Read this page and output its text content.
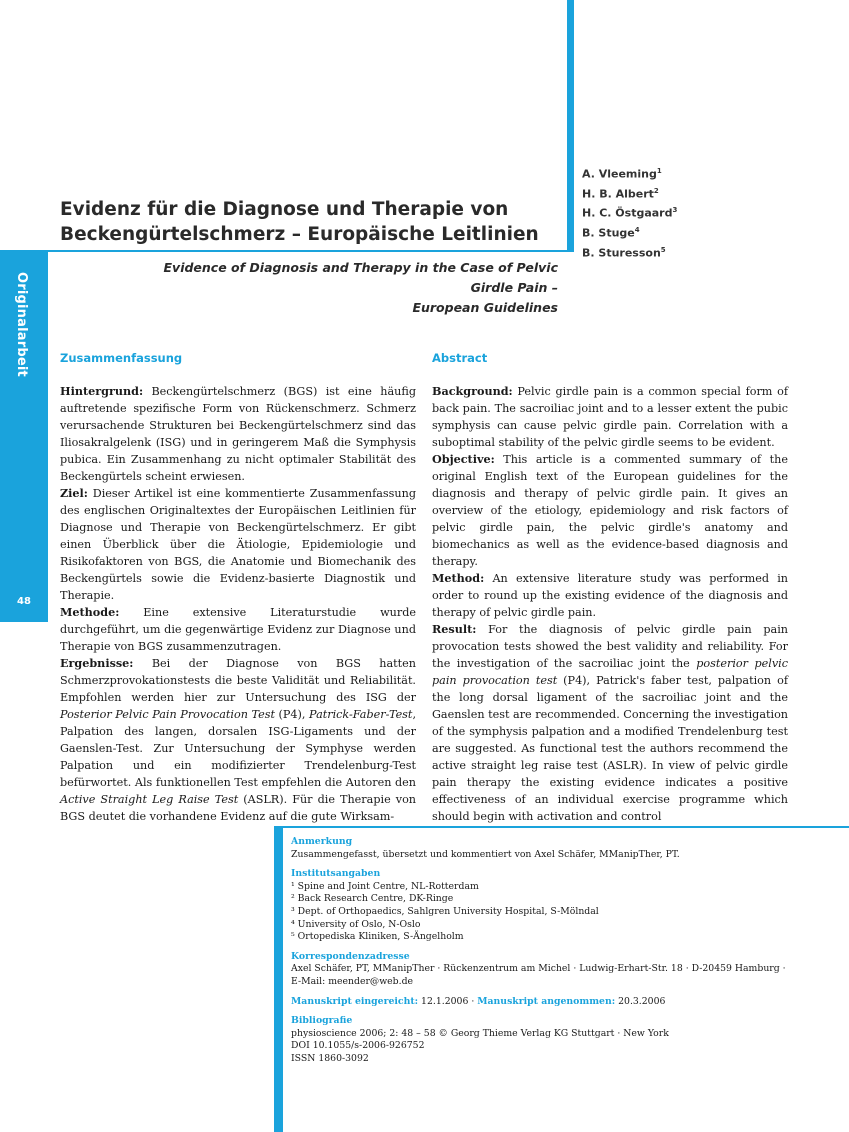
Originalarbeit
48
Evidenz für die Diagnose und Therapie von
Beckengürtelschmerz – Europäische Leitlinien
Evidence of Diagnosis and Therapy in the Case of Pelvic Girdle Pain –
European Guidelines
A. Vleeming$^1$
H. B. Albert$^2$
H. C. Östgaard$^3$
B. Stuge$^4$
B. Sturesson$^5$
Zusammenfassung

Hintergrund: Beckengürtelschmerz (BGS) ist eine häufig auftretende spezifische Form von Rückenschmerz. Schmerz verursachende Strukturen bei Beckengürtelschmerz sind das Iliosakralgelenk (ISG) und in geringerem Maß die Symphysis pubica. Ein Zusammenhang zu nicht optimaler Stabilität des Beckengürtels scheint erwiesen.

Ziel: Dieser Artikel ist eine kommentierte Zusammenfassung des englischen Originaltextes der Europäischen Leitlinien für Diagnose und Therapie von Beckengürtelschmerz. Er gibt einen Überblick über die Ätiologie, Epidemiologie und Risikofaktoren von BGS, die Anatomie und Biomechanik des Beckengürtels sowie die Evidenz-basierte Diagnostik und Therapie.

Methode: Eine extensive Literaturstudie wurde durchgeführt, um die gegenwärtige Evidenz zur Diagnose und Therapie von BGS zusammenzutragen.

Ergebnisse: Bei der Diagnose von BGS hatten Schmerzprovokationstests die beste Validität und Reliabilität. Empfohlen werden hier zur Untersuchung des ISG der Posterior Pelvic Pain Provocation Test (P4), Patrick-Faber-Test, Palpation des langen, dorsalen ISG-Ligaments und der Gaenslen-Test. Zur Untersuchung der Symphyse werden Palpation und ein modifizierter Trendelenburg-Test befürwortet. Als funktionellen Test empfehlen die Autoren den Active Straight Leg Raise Test (ASLR). Für die Therapie von BGS deutet die vorhandene Evidenz auf die gute Wirksam-

Abstract

Background: Pelvic girdle pain is a common special form of back pain. The sacroiliac joint and to a lesser extent the pubic symphysis can cause pelvic girdle pain. Correlation with a suboptimal stability of the pelvic girdle seems to be evident.

Objective: This article is a commented summary of the original English text of the European guidelines for the diagnosis and therapy of pelvic girdle pain. It gives an overview of the etiology, epidemiology and risk factors of pelvic girdle pain, the pelvic girdle's anatomy and biomechanics as well as the evidence-based diagnosis and therapy.

Method: An extensive literature study was performed in order to round up the existing evidence of the diagnosis and therapy of pelvic girdle pain.

Result: For the diagnosis of pelvic girdle pain pain provocation tests showed the best validity and reliability. For the investigation of the sacroiliac joint the posterior pelvic pain provocation test (P4), Patrick's faber test, palpation of the long dorsal ligament of the sacroiliac joint and the Gaenslen test are recommended. Concerning the investigation of the symphysis palpation and a modified Trendelenburg test are suggested. As functional test the authors recommend the active straight leg raise test (ASLR). In view of pelvic girdle pain therapy the existing evidence indicates a positive effectiveness of an individual exercise programme which should begin with activation and control

Anmerkung
Zusammengefasst, übersetzt und kommentiert von Axel Schäfer, MManipTher, PT.
Institutsangaben
¹ Spine and Joint Centre, NL-Rotterdam
² Back Research Centre, DK-Ringe
³ Dept. of Orthopaedics, Sahlgren University Hospital, S-Mölndal
⁴ University of Oslo, N-Oslo
⁵ Ortopediska Kliniken, S-Ängelholm
Korrespondenzadresse
Axel Schäfer, PT, MManipTher · Rückenzentrum am Michel · Ludwig-Erhart-Str. 18 · D-20459 Hamburg ·
E-Mail: meender@web.de
Manuskript eingereicht: 12.1.2006 · Manuskript angenommen: 20.3.2006
Bibliografie
physioscience 2006; 2: 48 – 58 © Georg Thieme Verlag KG Stuttgart · New York
DOI 10.1055/s-2006-926752
ISSN 1860-3092
